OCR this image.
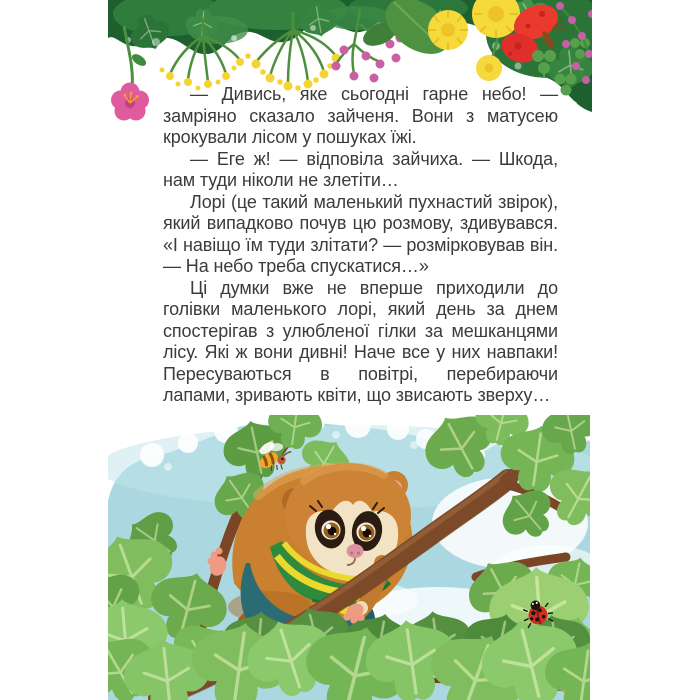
— Дивись, яке сьогодні гарне небо! — замріяно сказало зайченя. Вони з матусею крокували лісом у пошуках їжі.

— Еге ж! — відповіла зайчиха. — Шкода, нам туди ніколи не злетіти…

Лорі (це такий маленький пухнастий звірок), який випадково почув цю розмову, здивувався. «І навіщо їм туди злітати? — розмірковував він. — На небо треба спускатися…»

Ці думки вже не вперше приходили до голівки маленького лорі, який день за днем спостерігав з улюбленої гілки за мешканцями лісу. Які ж вони дивні! Наче все у них навпаки! Пересуваються в повітрі, перебираючи лапами, зривають квіти, що звисають зверху…
